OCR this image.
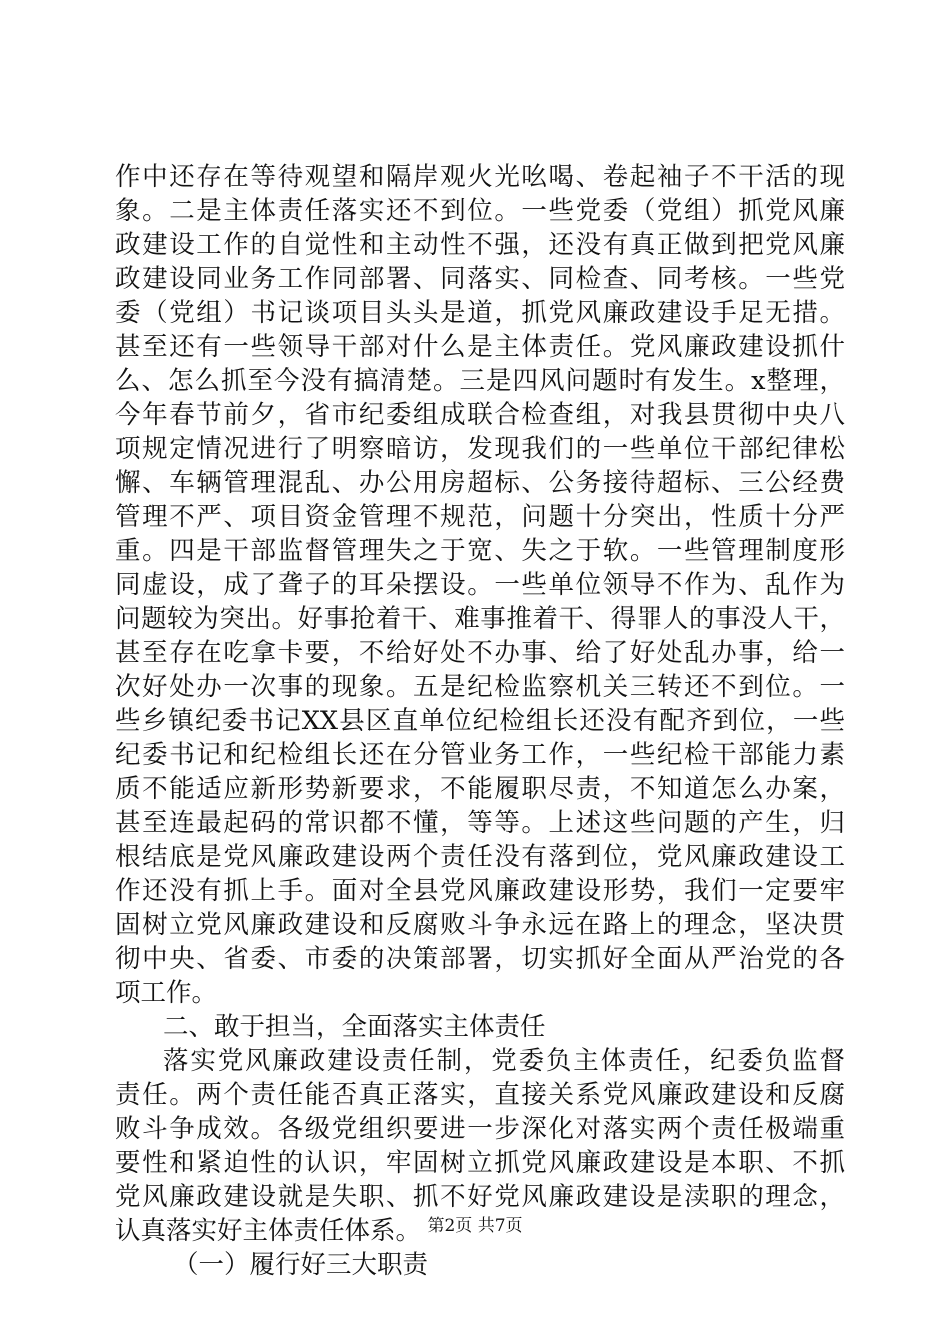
作中还存在等待观望和隔岸观火光吆喝、卷起袖子不干活的现
象。二是主体责任落实还不到位。一些党委（党组）抓党风廉
政建设工作的自觉性和主动性不强，还没有真正做到把党风廉
政建设同业务工作同部署、同落实、同检查、同考核。一些党
委（党组）书记谈项目头头是道，抓党风廉政建设手足无措。
甚至还有一些领导干部对什么是主体责任。党风廉政建设抓什
么、怎么抓至今没有搞清楚。三是四风问题时有发生。x整理，
今年春节前夕，省市纪委组成联合检查组，对我县贯彻中央八
项规定情况进行了明察暗访，发现我们的一些单位干部纪律松
懈、车辆管理混乱、办公用房超标、公务接待超标、三公经费
管理不严、项目资金管理不规范，问题十分突出，性质十分严
重。四是干部监督管理失之于宽、失之于软。一些管理制度形
同虚设，成了聋子的耳朵摆设。一些单位领导不作为、乱作为
问题较为突出。好事抢着干、难事推着干、得罪人的事没人干，
甚至存在吃拿卡要，不给好处不办事、给了好处乱办事，给一
次好处办一次事的现象。五是纪检监察机关三转还不到位。一
些乡镇纪委书记XX县区直单位纪检组长还没有配齐到位，一些
纪委书记和纪检组长还在分管业务工作，一些纪检干部能力素
质不能适应新形势新要求，不能履职尽责，不知道怎么办案，
甚至连最起码的常识都不懂，等等。上述这些问题的产生，归
根结底是党风廉政建设两个责任没有落到位，党风廉政建设工
作还没有抓上手。面对全县党风廉政建设形势，我们一定要牢
固树立党风廉政建设和反腐败斗争永远在路上的理念，坚决贯
彻中央、省委、市委的决策部署，切实抓好全面从严治党的各
项工作。
二、敢于担当，全面落实主体责任
落实党风廉政建设责任制，党委负主体责任，纪委负监督
责任。两个责任能否真正落实，直接关系党风廉政建设和反腐
败斗争成效。各级党组织要进一步深化对落实两个责任极端重
要性和紧迫性的认识，牢固树立抓党风廉政建设是本职、不抓
党风廉政建设就是失职、抓不好党风廉政建设是渎职的理念，
认真落实好主体责任体系。
（一）履行好三大职责
第2页 共7页
